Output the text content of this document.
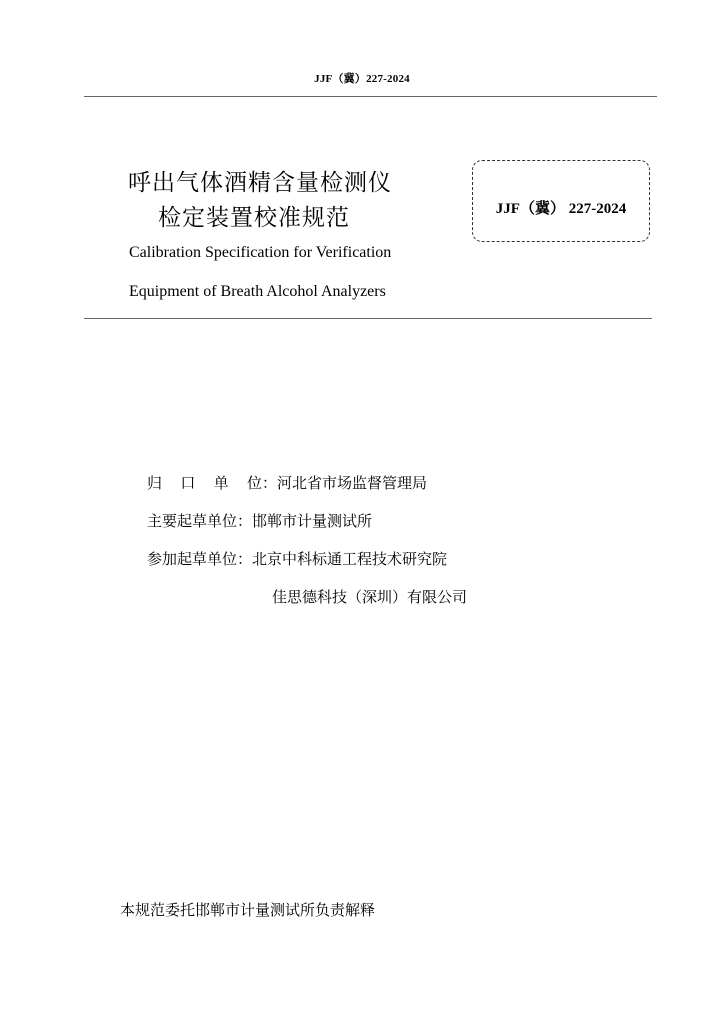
JJF（冀）227-2024
呼出气体酒精含量检测仪
检定装置校准规范
Calibration Specification for Verification
Equipment of Breath Alcohol Analyzers
JJF（冀） 227-2024
归 口 单 位 ： 河北省市场监督管理局
主要起草单位： 邯郸市计量测试所
参加起草单位： 北京中科标通工程技术研究院
佳思德科技（深圳）有限公司
本规范委托邯郸市计量测试所负责解释
